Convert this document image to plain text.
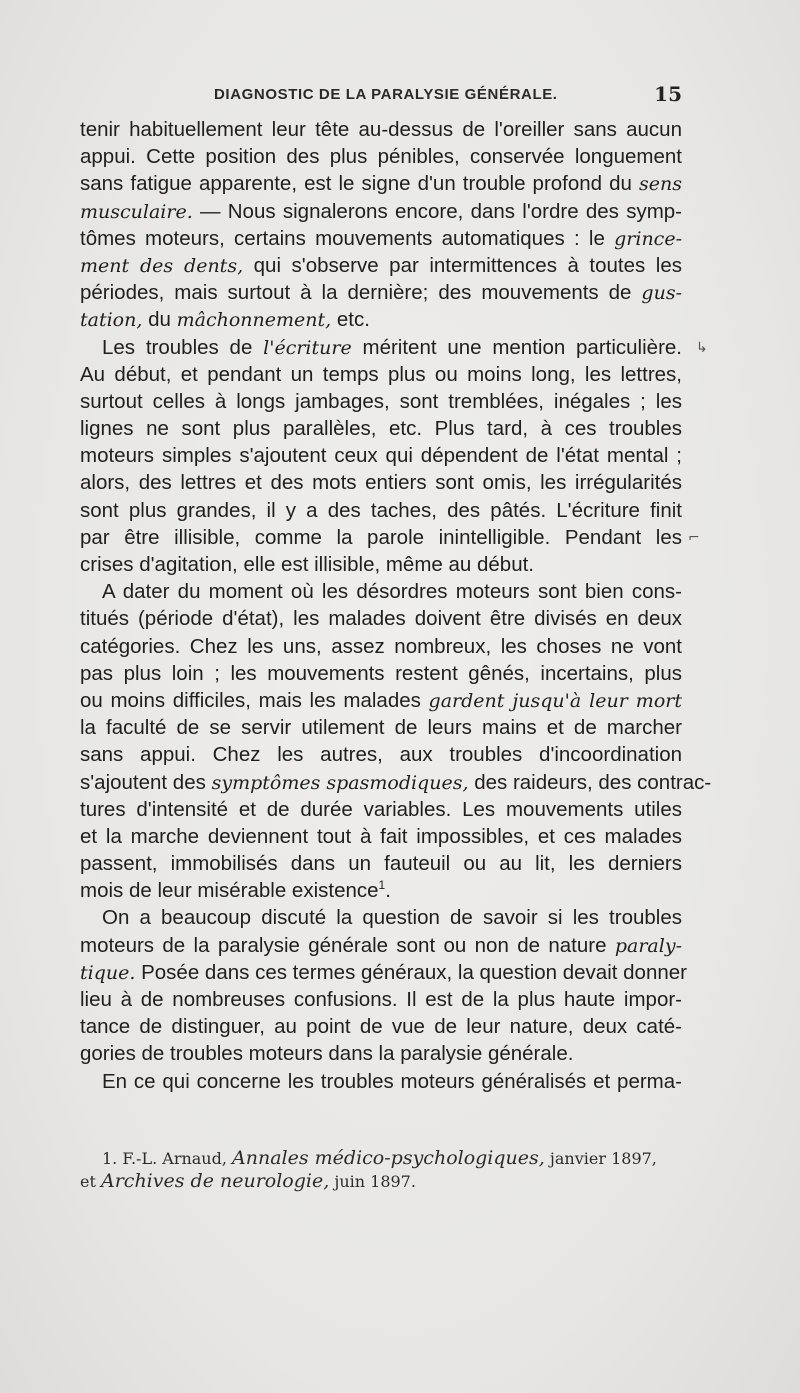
DIAGNOSTIC DE LA PARALYSIE GÉNÉRALE.	15
tenir habituellement leur tête au-dessus de l'oreiller sans aucun
appui. Cette position des plus pénibles, conservée longuement
sans fatigue apparente, est le signe d'un trouble profond du sens
musculaire. — Nous signalerons encore, dans l'ordre des symp-
tômes moteurs, certains mouvements automatiques : le grince-
ment des dents, qui s'observe par intermittences à toutes les
périodes, mais surtout à la dernière; des mouvements de gus-
tation, du mâchonnement, etc.
Les troubles de l'écriture méritent une mention particulière.
Au début, et pendant un temps plus ou moins long, les lettres,
surtout celles à longs jambages, sont tremblées, inégales ; les
lignes ne sont plus parallèles, etc. Plus tard, à ces troubles
moteurs simples s'ajoutent ceux qui dépendent de l'état mental ;
alors, des lettres et des mots entiers sont omis, les irrégularités
sont plus grandes, il y a des taches, des pâtés. L'écriture finit
par être illisible, comme la parole inintelligible. Pendant les
crises d'agitation, elle est illisible, même au début.
A dater du moment où les désordres moteurs sont bien cons-
titués (période d'état), les malades doivent être divisés en deux
catégories. Chez les uns, assez nombreux, les choses ne vont
pas plus loin ; les mouvements restent gênés, incertains, plus
ou moins difficiles, mais les malades gardent jusqu'à leur mort
la faculté de se servir utilement de leurs mains et de marcher
sans appui. Chez les autres, aux troubles d'incoordination
s'ajoutent des symptômes spasmodiques, des raideurs, des contrac-
tures d'intensité et de durée variables. Les mouvements utiles
et la marche deviennent tout à fait impossibles, et ces malades
passent, immobilisés dans un fauteuil ou au lit, les derniers
mois de leur misérable existence$^1$.
On a beaucoup discuté la question de savoir si les troubles
moteurs de la paralysie générale sont ou non de nature paraly-
tique. Posée dans ces termes généraux, la question devait donner
lieu à de nombreuses confusions. Il est de la plus haute impor-
tance de distinguer, au point de vue de leur nature, deux caté-
gories de troubles moteurs dans la paralysie générale.
En ce qui concerne les troubles moteurs généralisés et perma-
1. F.-L. Arnaud, Annales médico-psychologiques, janvier 1897,
et Archives de neurologie, juin 1897.
↳
⌐
